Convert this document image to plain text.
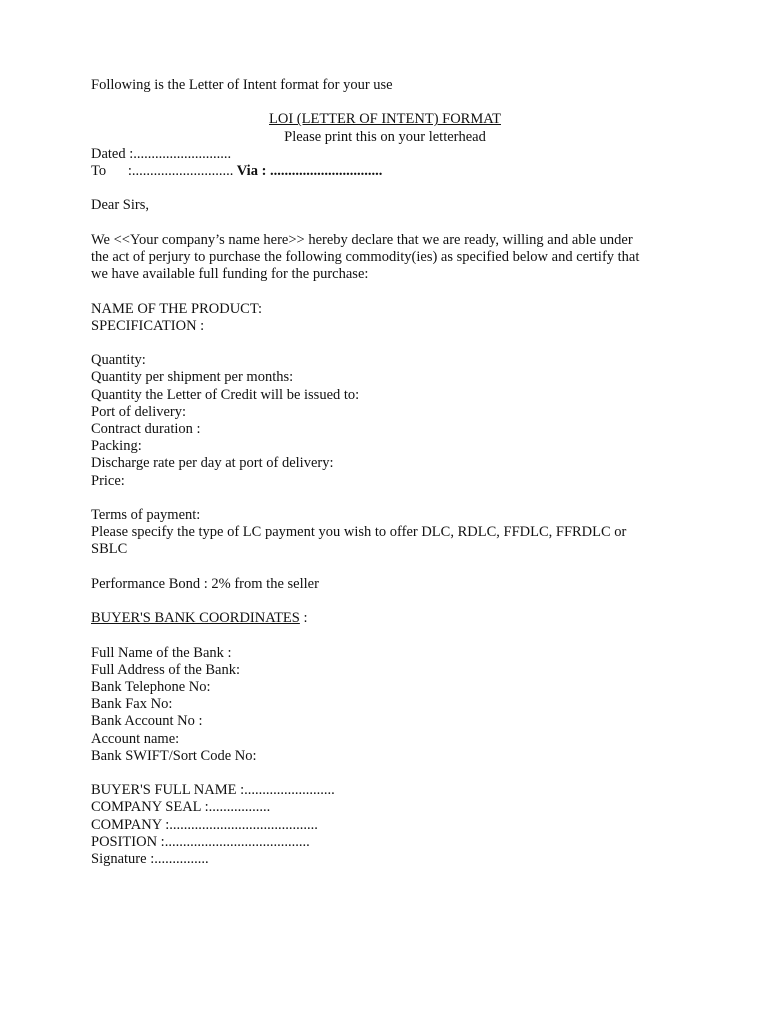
Following is the Letter of Intent format for your use
LOI (LETTER OF INTENT) FORMAT
Please print this on your letterhead
Dated :...........................
To      :............................ Via : ...............................
Dear Sirs,
We <<Your company’s name here>> hereby declare that we are ready, willing and able under
the act of perjury to purchase the following commodity(ies) as specified below and certify that
we have available full funding for the purchase:
NAME OF THE PRODUCT:
SPECIFICATION :
Quantity:
Quantity per shipment per months:
Quantity the Letter of Credit will be issued to:
Port of delivery:
Contract duration :
Packing:
Discharge rate per day at port of delivery:
Price:
Terms of payment:
Please specify the type of LC payment you wish to offer DLC, RDLC, FFDLC, FFRDLC or
SBLC
Performance Bond : 2% from the seller
BUYER'S BANK COORDINATES :
Full Name of the Bank :
Full Address of the Bank:
Bank Telephone No:
Bank Fax No:
Bank Account No :
Account name:
Bank SWIFT/Sort Code No:
BUYER'S FULL NAME :.........................
COMPANY SEAL :.................
COMPANY :.........................................
POSITION :........................................
Signature :...............
